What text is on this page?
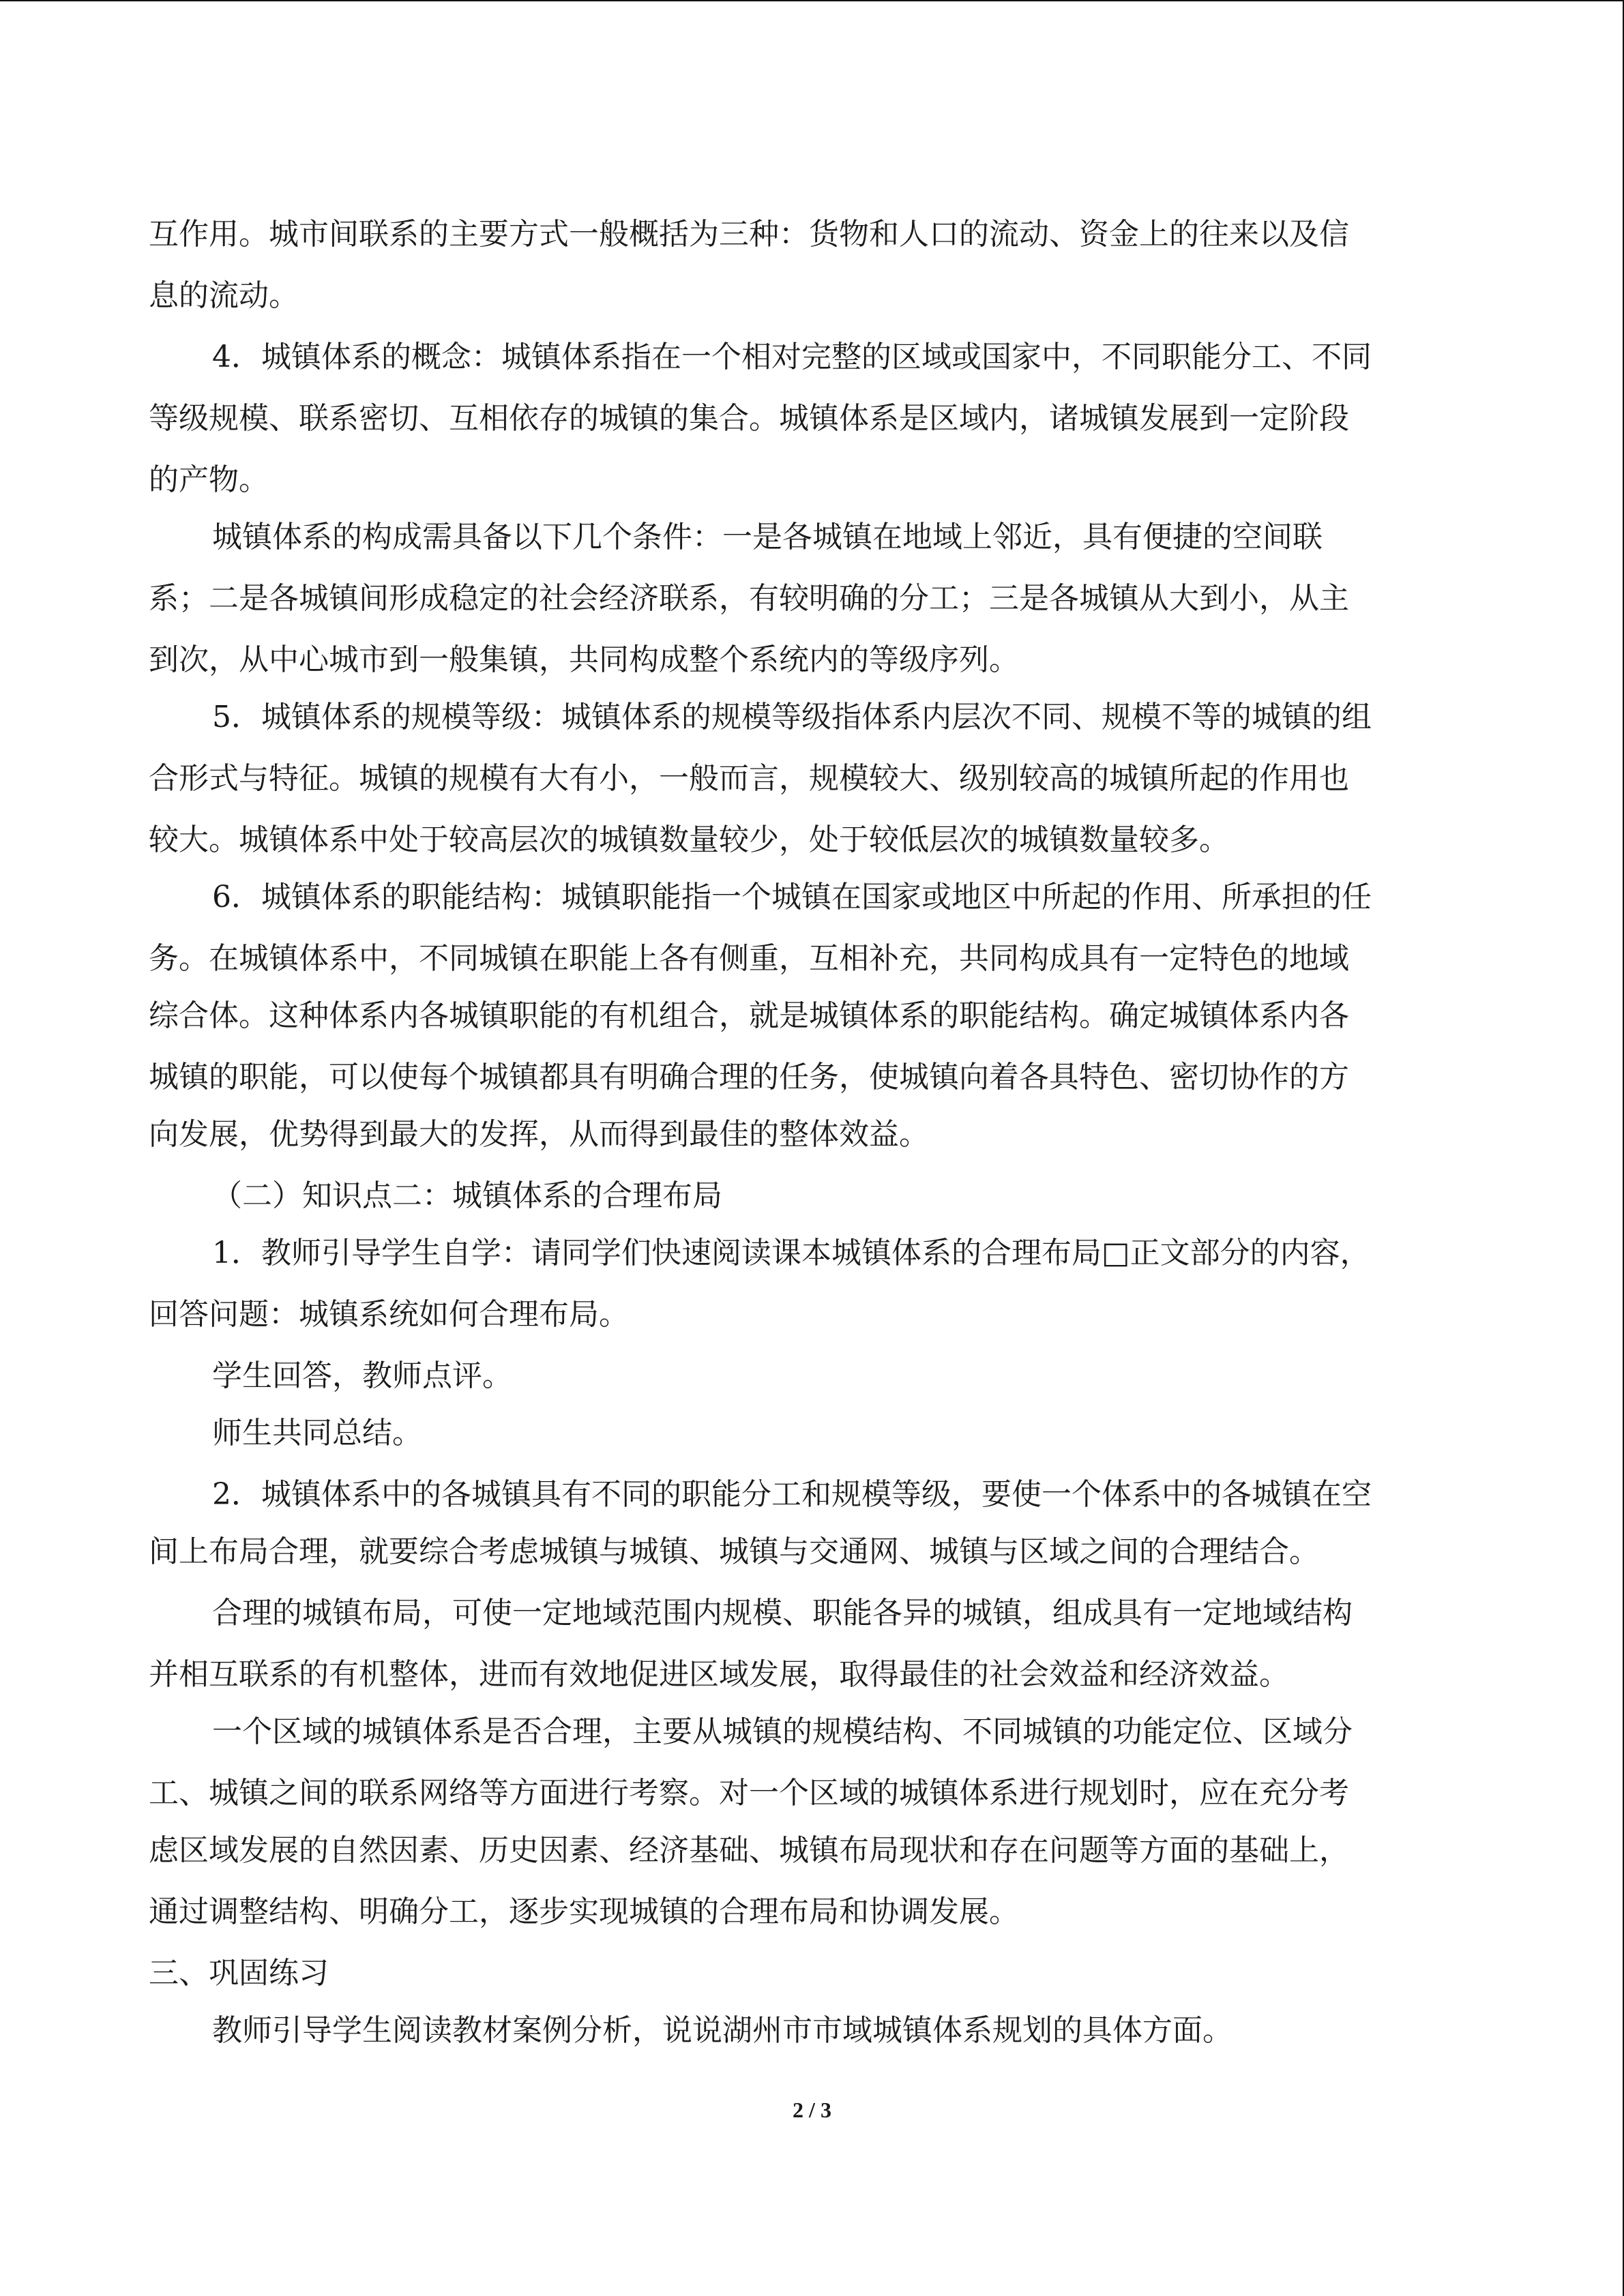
互作用。城市间联系的主要方式一般概括为三种：货物和人口的流动、资金上的往来以及信
息的流动。
4．城镇体系的概念：城镇体系指在一个相对完整的区域或国家中，不同职能分工、不同
等级规模、联系密切、互相依存的城镇的集合。城镇体系是区域内，诸城镇发展到一定阶段
的产物。
城镇体系的构成需具备以下几个条件：一是各城镇在地域上邻近，具有便捷的空间联
系；二是各城镇间形成稳定的社会经济联系，有较明确的分工；三是各城镇从大到小，从主
到次，从中心城市到一般集镇，共同构成整个系统内的等级序列。
5．城镇体系的规模等级：城镇体系的规模等级指体系内层次不同、规模不等的城镇的组
合形式与特征。城镇的规模有大有小，一般而言，规模较大、级别较高的城镇所起的作用也
较大。城镇体系中处于较高层次的城镇数量较少，处于较低层次的城镇数量较多。
6．城镇体系的职能结构：城镇职能指一个城镇在国家或地区中所起的作用、所承担的任
务。在城镇体系中，不同城镇在职能上各有侧重，互相补充，共同构成具有一定特色的地域
综合体。这种体系内各城镇职能的有机组合，就是城镇体系的职能结构。确定城镇体系内各
城镇的职能，可以使每个城镇都具有明确合理的任务，使城镇向着各具特色、密切协作的方
向发展，优势得到最大的发挥，从而得到最佳的整体效益。
（二）知识点二：城镇体系的合理布局
1．教师引导学生自学：请同学们快速阅读课本城镇体系的合理布局□正文部分的内容，
回答问题：城镇系统如何合理布局。
学生回答，教师点评。
师生共同总结。
2．城镇体系中的各城镇具有不同的职能分工和规模等级，要使一个体系中的各城镇在空
间上布局合理，就要综合考虑城镇与城镇、城镇与交通网、城镇与区域之间的合理结合。
合理的城镇布局，可使一定地域范围内规模、职能各异的城镇，组成具有一定地域结构
并相互联系的有机整体，进而有效地促进区域发展，取得最佳的社会效益和经济效益。
一个区域的城镇体系是否合理，主要从城镇的规模结构、不同城镇的功能定位、区域分
工、城镇之间的联系网络等方面进行考察。对一个区域的城镇体系进行规划时，应在充分考
虑区域发展的自然因素、历史因素、经济基础、城镇布局现状和存在问题等方面的基础上，
通过调整结构、明确分工，逐步实现城镇的合理布局和协调发展。
三、巩固练习
教师引导学生阅读教材案例分析，说说湖州市市域城镇体系规划的具体方面。
2 / 3
